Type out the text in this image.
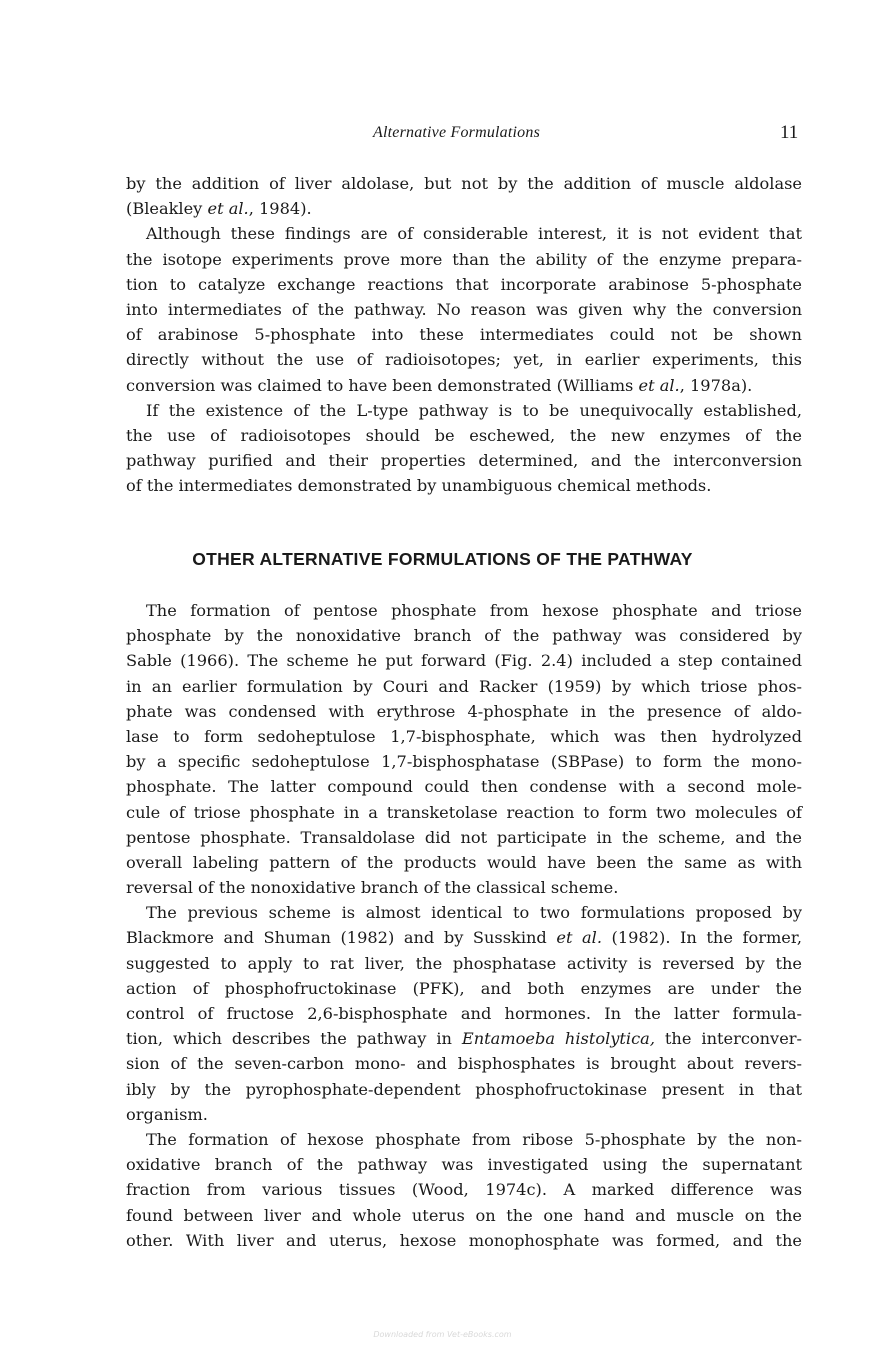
Alternative Formulations	11
by the addition of liver aldolase, but not by the addition of muscle aldolase
(Bleakley et al., 1984).
Although these findings are of considerable interest, it is not evident that
the isotope experiments prove more than the ability of the enzyme prepara-
tion to catalyze exchange reactions that incorporate arabinose 5-phosphate
into intermediates of the pathway. No reason was given why the conversion
of arabinose 5-phosphate into these intermediates could not be shown
directly without the use of radioisotopes; yet, in earlier experiments, this
conversion was claimed to have been demonstrated (Williams et al., 1978a).
If the existence of the L-type pathway is to be unequivocally established,
the use of radioisotopes should be eschewed, the new enzymes of the
pathway purified and their properties determined, and the interconversion
of the intermediates demonstrated by unambiguous chemical methods.
OTHER ALTERNATIVE FORMULATIONS OF THE PATHWAY
The formation of pentose phosphate from hexose phosphate and triose
phosphate by the nonoxidative branch of the pathway was considered by
Sable (1966). The scheme he put forward (Fig. 2.4) included a step contained
in an earlier formulation by Couri and Racker (1959) by which triose phos-
phate was condensed with erythrose 4-phosphate in the presence of aldo-
lase to form sedoheptulose 1,7-bisphosphate, which was then hydrolyzed
by a specific sedoheptulose 1,7-bisphosphatase (SBPase) to form the mono-
phosphate. The latter compound could then condense with a second mole-
cule of triose phosphate in a transketolase reaction to form two molecules of
pentose phosphate. Transaldolase did not participate in the scheme, and the
overall labeling pattern of the products would have been the same as with
reversal of the nonoxidative branch of the classical scheme.
The previous scheme is almost identical to two formulations proposed by
Blackmore and Shuman (1982) and by Susskind et al. (1982). In the former,
suggested to apply to rat liver, the phosphatase activity is reversed by the
action of phosphofructokinase (PFK), and both enzymes are under the
control of fructose 2,6-bisphosphate and hormones. In the latter formula-
tion, which describes the pathway in Entamoeba histolytica, the interconver-
sion of the seven-carbon mono- and bisphosphates is brought about revers-
ibly by the pyrophosphate-dependent phosphofructokinase present in that
organism.
The formation of hexose phosphate from ribose 5-phosphate by the non-
oxidative branch of the pathway was investigated using the supernatant
fraction from various tissues (Wood, 1974c). A marked difference was
found between liver and whole uterus on the one hand and muscle on the
other. With liver and uterus, hexose monophosphate was formed, and the
Downloaded from Vet-eBooks.com
